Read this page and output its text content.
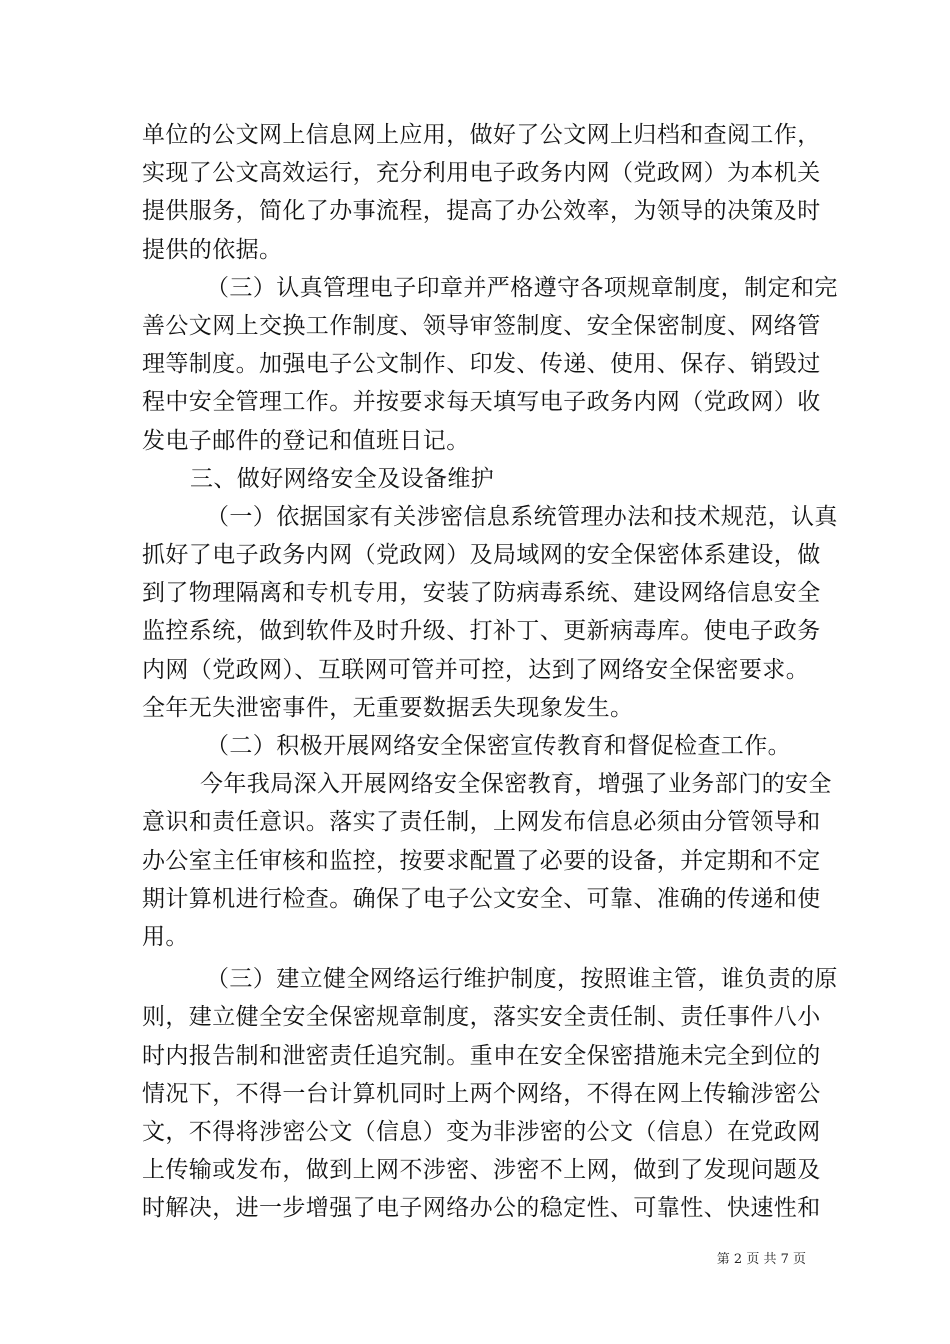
单位的公文网上信息网上应用，做好了公文网上归档和查阅工作，
实现了公文高效运行，充分利用电子政务内网（党政网）为本机关
提供服务，简化了办事流程，提高了办公效率，为领导的决策及时
提供的依据。
（三）认真管理电子印章并严格遵守各项规章制度，制定和完
善公文网上交换工作制度、领导审签制度、安全保密制度、网络管
理等制度。加强电子公文制作、印发、传递、使用、保存、销毁过
程中安全管理工作。并按要求每天填写电子政务内网（党政网）收
发电子邮件的登记和值班日记。
三、做好网络安全及设备维护
（一）依据国家有关涉密信息系统管理办法和技术规范，认真
抓好了电子政务内网（党政网）及局域网的安全保密体系建设，做
到了物理隔离和专机专用，安装了防病毒系统、建设网络信息安全
监控系统，做到软件及时升级、打补丁、更新病毒库。使电子政务
内网（党政网）、互联网可管并可控，达到了网络安全保密要求。
全年无失泄密事件，无重要数据丢失现象发生。
（二）积极开展网络安全保密宣传教育和督促检查工作。
今年我局深入开展网络安全保密教育，增强了业务部门的安全
意识和责任意识。落实了责任制，上网发布信息必须由分管领导和
办公室主任审核和监控，按要求配置了必要的设备，并定期和不定
期计算机进行检查。确保了电子公文安全、可靠、准确的传递和使
用。
（三）建立健全网络运行维护制度，按照谁主管，谁负责的原
则，建立健全安全保密规章制度，落实安全责任制、责任事件八小
时内报告制和泄密责任追究制。重申在安全保密措施未完全到位的
情况下，不得一台计算机同时上两个网络，不得在网上传输涉密公
文，不得将涉密公文（信息）变为非涉密的公文（信息）在党政网
上传输或发布，做到上网不涉密、涉密不上网，做到了发现问题及
时解决，进一步增强了电子网络办公的稳定性、可靠性、快速性和
第 2 页 共 7 页
